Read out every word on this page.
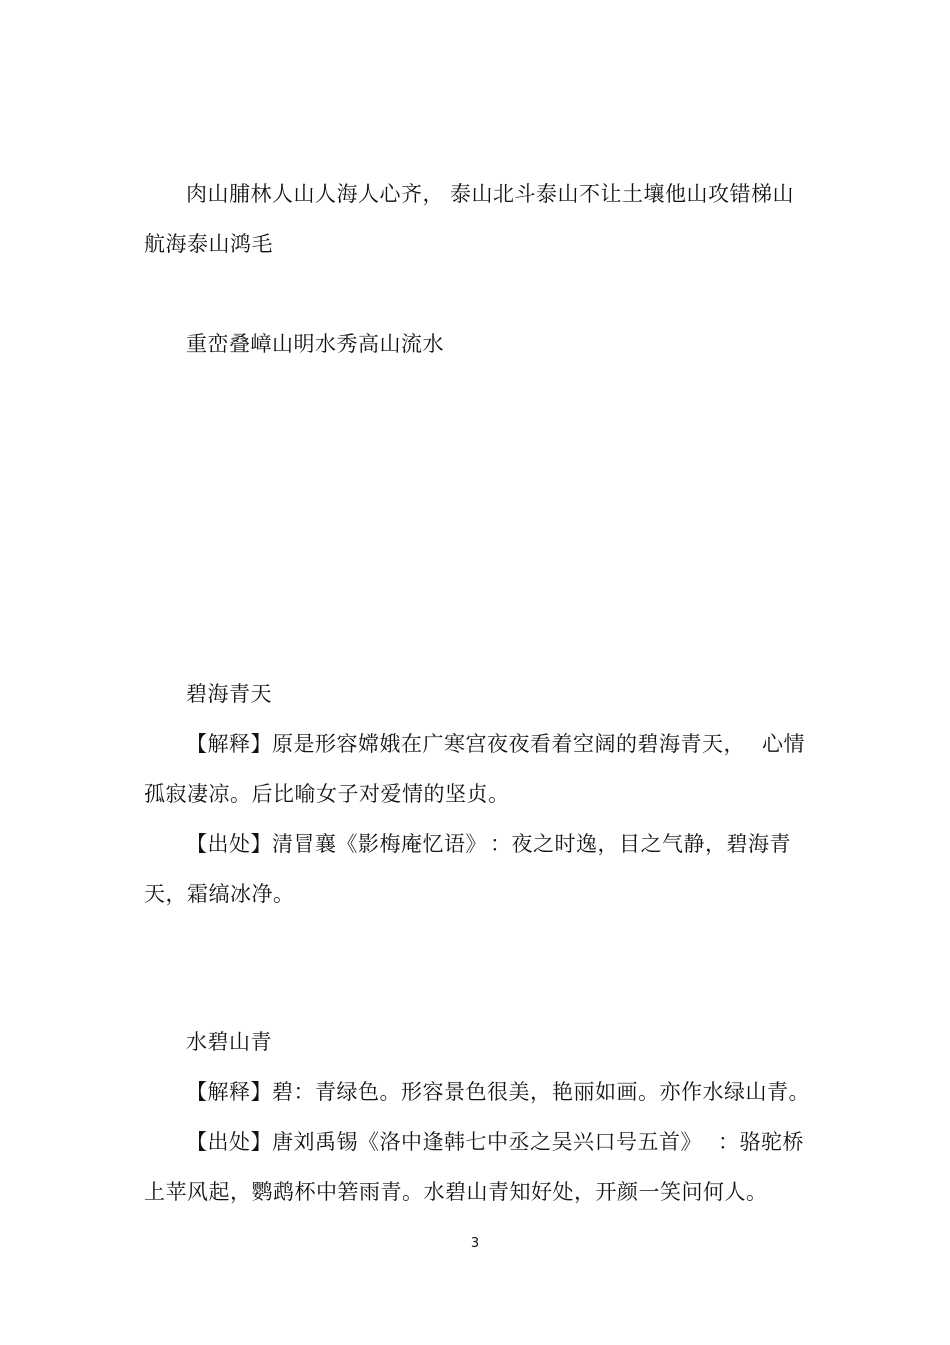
肉山脯林人山人海人心齐， 泰山北斗泰山不让土壤他山攻错梯山
航海泰山鸿毛
重峦叠嶂山明水秀高山流水
碧海青天
【解释】原是形容嫦娥在广寒宫夜夜看着空阔的碧海青天， 心情
孤寂凄凉。后比喻女子对爱情的坚贞。
【出处】清冒襄《影梅庵忆语》 ：夜之时逸，目之气静，碧海青
天，霜缟冰净。
水碧山青
【解释】碧：青绿色。形容景色很美， 艳丽如画。亦作水绿山青。
【出处】唐刘禹锡《洛中逢韩七中丞之吴兴口号五首》 ：骆驼桥
上苹风起，鹦鹉杯中箬雨青。水碧山青知好处，开颜一笑问何人。
3
